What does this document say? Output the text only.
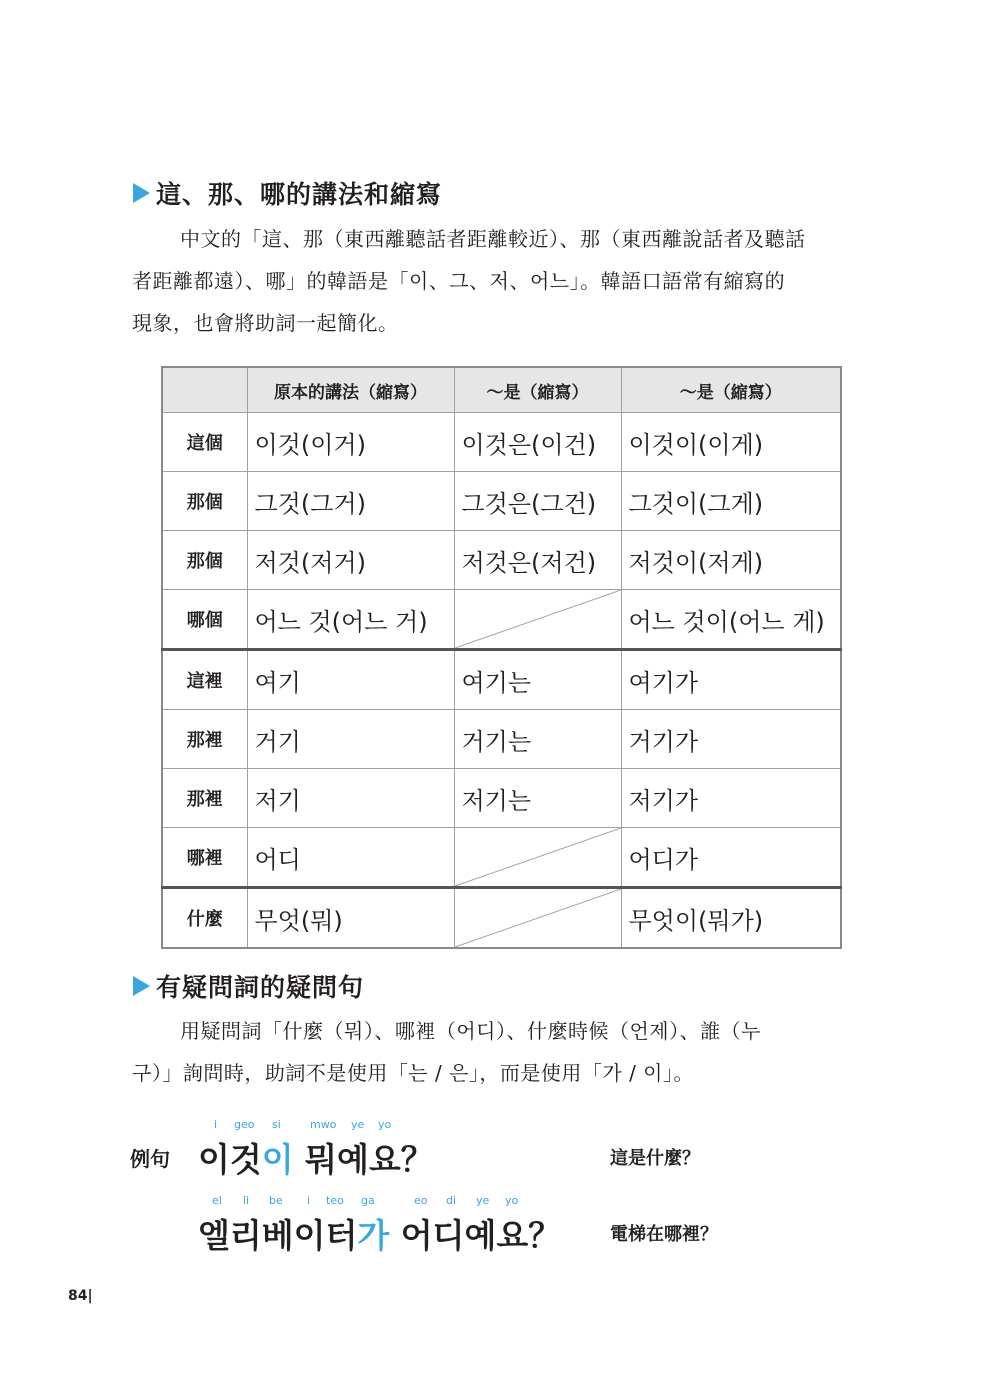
這、那、哪的講法和縮寫
中文的「這、那（東西離聽話者距離較近）、那（東西離說話者及聽話
者距離都遠）、哪」的韓語是「이、그、저、어느」。韓語口語常有縮寫的
現象，也會將助詞一起簡化。
	原本的講法（縮寫）	～是（縮寫）	～是（縮寫）
這個	이것(이거)	이것은(이건)	이것이(이게)
那個	그것(그거)	그것은(그건)	그것이(그게)
那個	저것(저거)	저것은(저건)	저것이(저게)
哪個	어느 것(어느 거)		어느 것이(어느 게)
這裡	여기	여기는	여기가
那裡	거기	거기는	거기가
那裡	저기	저기는	저기가
哪裡	어디		어디가
什麼	무엇(뭐)		무엇이(뭐가)
有疑問詞的疑問句
用疑問詞「什麼（뭐）、哪裡（어디）、什麼時候（언제）、誰（누
구）」詢問時，助詞不是使用「는 / 은」，而是使用「가 / 이」。
例句
i geo si	mwo ye yo
이것이 뭐예요？	這是什麼？
el li be i teo ga	eo di ye yo
엘리베이터가 어디예요？	電梯在哪裡？
84|
